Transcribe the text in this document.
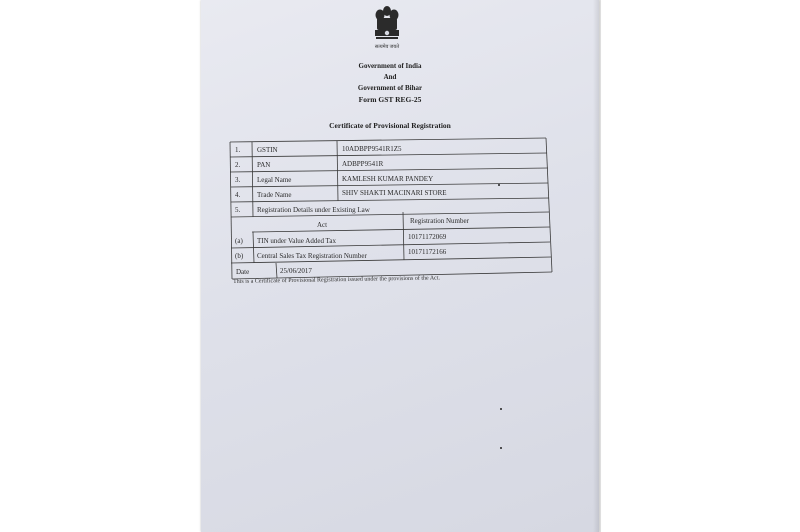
सत्यमेव जयते
Government of India
And
Government of Bihar
Form GST REG-25
Certificate of Provisional Registration
1. GSTIN	10ADBPP9541R1Z5
2. PAN	ADBPP9541R
3. Legal Name	KAMLESH KUMAR PANDEY
4. Trade Name	SHIV SHAKTI MACINARI STORE
5. Registration Details under Existing Law
Act	Registration Number
(a) TIN under Value Added Tax	10171172069
(b) Central Sales Tax Registration Number	10171172166
Date	25/06/2017
This is a Certificate of Provisional Registration issued under the provisions of the Act.
